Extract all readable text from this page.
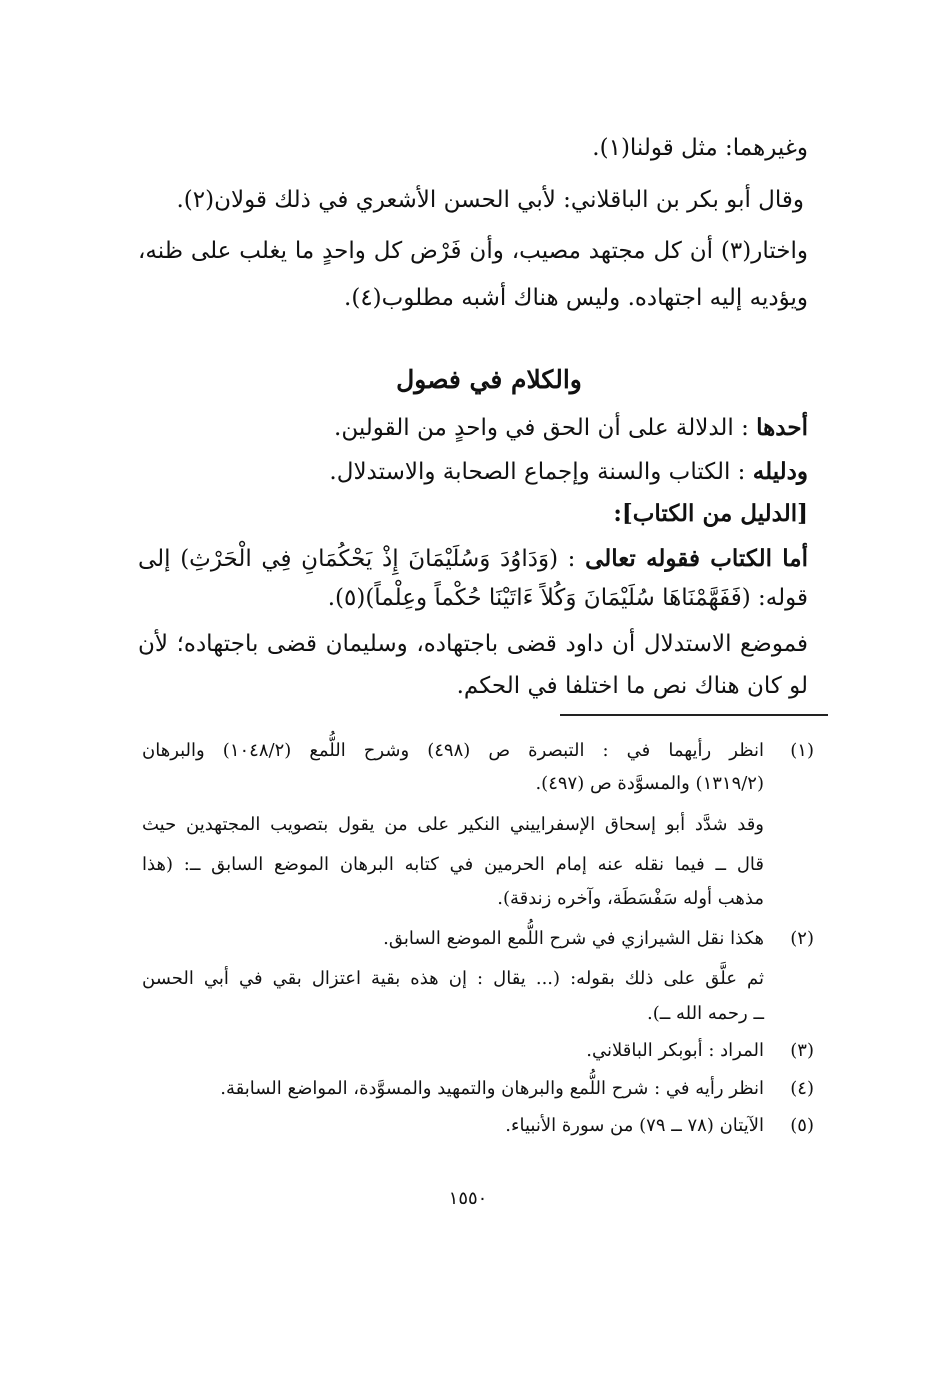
وغيرهما: مثل قولنا(١).
وقال أبو بكر بن الباقلاني: لأبي الحسن الأشعري في ذلك قولان(٢).
واختار(٣) أن كل مجتهد مصيب، وأن فَرْض كل واحدٍ ما يغلب على ظنه،
ويؤديه إليه اجتهاده. وليس هناك أشبه مطلوب(٤).
والكلام في فصول
أحدها : الدلالة على أن الحق في واحدٍ من القولين.
ودليله : الكتاب والسنة وإجماع الصحابة والاستدلال.
[الدليل من الكتاب]:
أما الكتاب فقوله تعالى : (وَدَاوُدَ وَسُلَيْمَانَ إِذْ يَحْكُمَانِ فِي الْحَرْثِ) إلى
قوله: (فَفَهَّمْنَاهَا سُلَيْمَانَ وَكُلاً ءَاتَيْنَا حُكْماً وعِلْماً)(٥).
فموضع الاستدلال أن داود قضى باجتهاده، وسليمان قضى باجتهاده؛ لأن
لو كان هناك نص ما اختلفا في الحكم.
(١)انظر رأيهما في : التبصرة ص (٤٩٨) وشرح اللُّمع (١٠٤٨/٢) والبرهان
(١٣١٩/٢) والمسوَّدة ص (٤٩٧).
وقد شدَّد أبو إسحاق الإسفراييني النكير على من يقول بتصويب المجتهدين حيث
قال ــ فيما نقله عنه إمام الحرمين في كتابه البرهان الموضع السابق ــ: (هذا
مذهب أوله سَفْسَطَة، وآخره زندقة).
(٢)هكذا نقل الشيرازي في شرح اللُّمع الموضع السابق.
ثم علَّق على ذلك بقوله: (... يقال : إن هذه بقية اعتزال بقي في أبي الحسن
ــ رحمه الله ــ).
(٣)المراد : أبوبكر الباقلاني.
(٤)انظر رأيه في : شرح اللُّمع والبرهان والتمهيد والمسوَّدة، المواضع السابقة.
(٥)الآيتان (٧٨ ــ ٧٩) من سورة الأنبياء.
١٥٥٠
